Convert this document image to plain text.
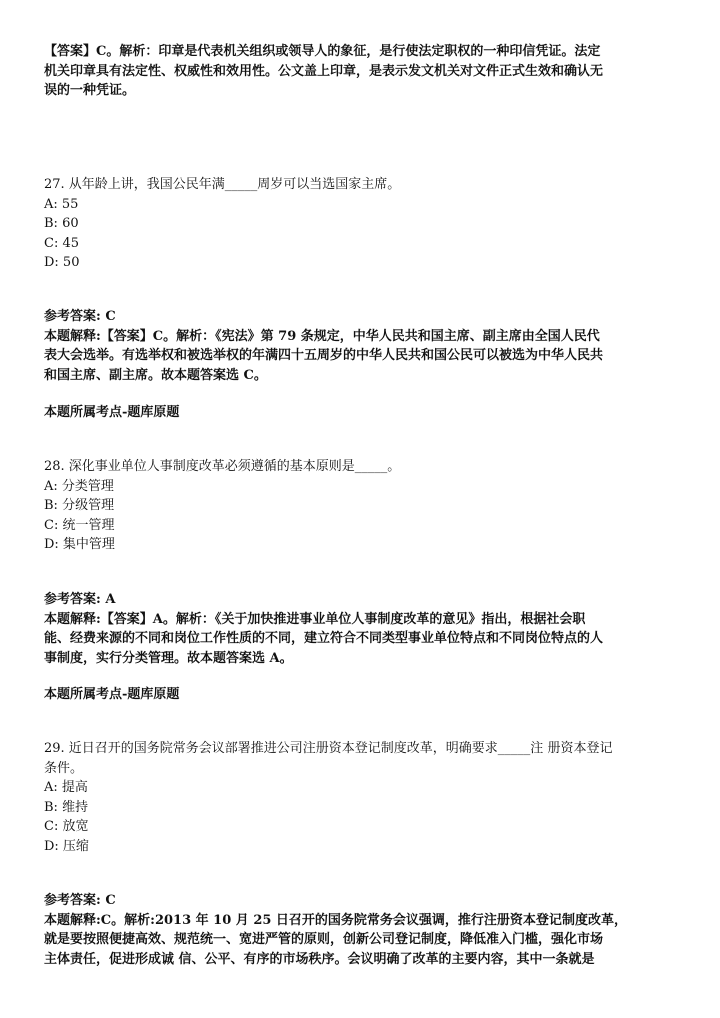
【答案】C。解析：印章是代表机关组织或领导人的象征，是行使法定职权的一种印信凭证。法定
机关印章具有法定性、权威性和效用性。公文盖上印章，是表示发文机关对文件正式生效和确认无
误的一种凭证。
27. 从年龄上讲，我国公民年满_____周岁可以当选国家主席。
A: 55
B: 60
C: 45
D: 50
参考答案: C
本题解释:【答案】C。解析：《宪法》第 79 条规定，中华人民共和国主席、副主席由全国人民代
表大会选举。有选举权和被选举权的年满四十五周岁的中华人民共和国公民可以被选为中华人民共
和国主席、副主席。故本题答案选 C。
本题所属考点-题库原题
28. 深化事业单位人事制度改革必须遵循的基本原则是_____。
A: 分类管理
B: 分级管理
C: 统一管理
D: 集中管理
参考答案: A
本题解释:【答案】A。解析：《关于加快推进事业单位人事制度改革的意见》指出，根据社会职
能、经费来源的不同和岗位工作性质的不同，建立符合不同类型事业单位特点和不同岗位特点的人
事制度，实行分类管理。故本题答案选 A。
本题所属考点-题库原题
29. 近日召开的国务院常务会议部署推进公司注册资本登记制度改革，明确要求_____注 册资本登记
条件。
A: 提高
B: 维持
C: 放宽
D: 压缩
参考答案: C
本题解释:C。解析:2013 年 10 月 25 日召开的国务院常务会议强调，推行注册资本登记制度改革，
就是要按照便捷高效、规范统一、宽进严管的原则，创新公司登记制度，降低准入门槛，强化市场
主体责任，促进形成诚 信、公平、有序的市场秩序。会议明确了改革的主要内容，其中一条就是
